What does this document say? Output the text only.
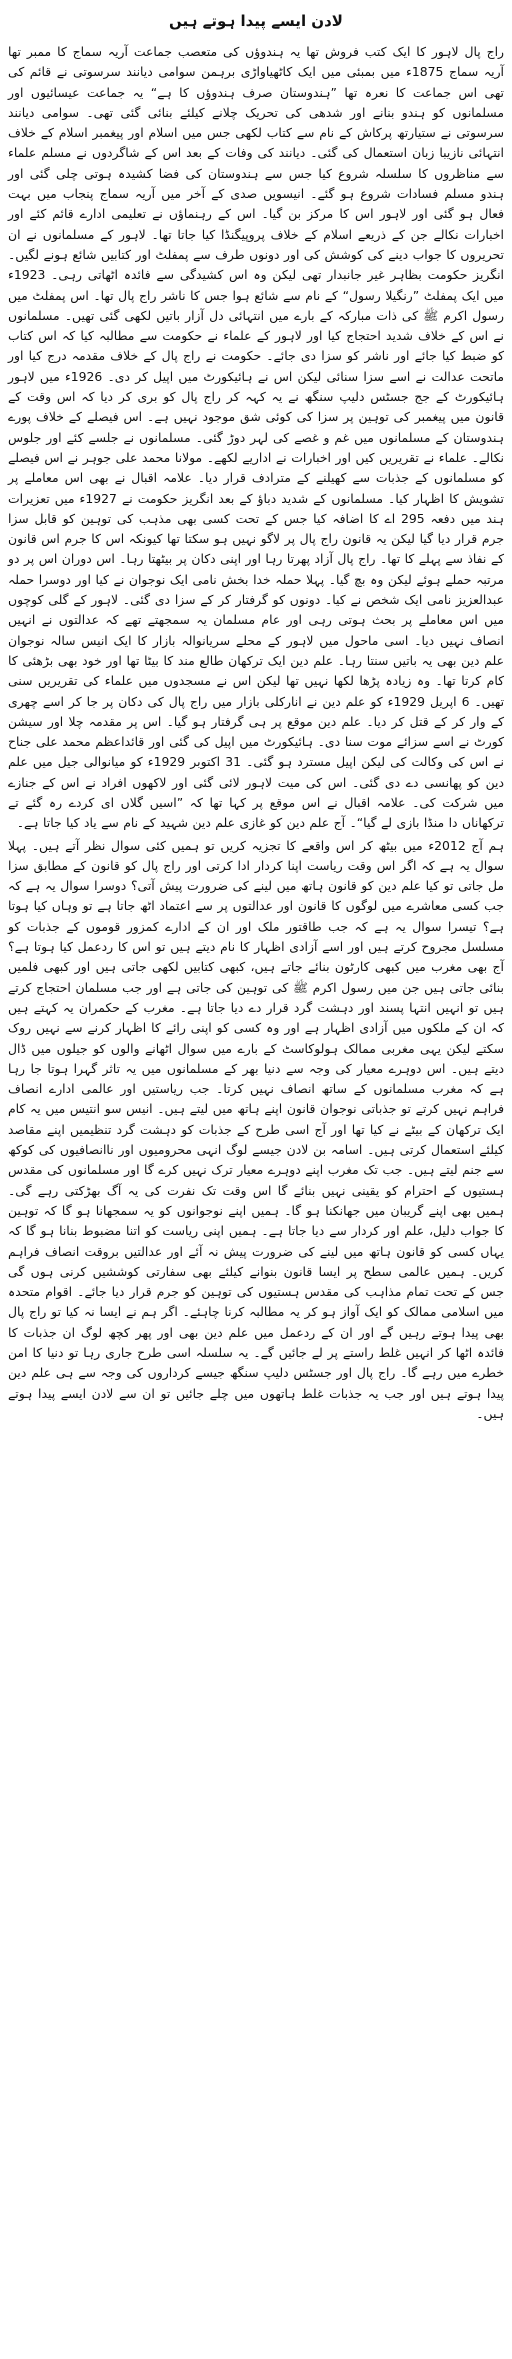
لادن ایسے پیدا ہوتے ہیں

راج پال لاہور کا ایک کتب فروش تھا یہ ہندوؤں کی متعصب جماعت آریہ سماج کا ممبر تھا آریہ سماج 1875ء میں بمبئی میں ایک کاٹھیاواڑی برہمن سوامی دیانند سرسوتی نے قائم کی تھی اس جماعت کا نعرہ تھا ”ہندوستان صرف ہندوؤں کا ہے“ یہ جماعت عیسائیوں اور مسلمانوں کو ہندو بنانے اور شدھی کی تحریک چلانے کیلئے بنائی گئی تھی۔ سوامی دیانند سرسوتی نے ستیارتھ پرکاش کے نام سے کتاب لکھی جس میں اسلام اور پیغمبر اسلام کے خلاف انتہائی نازیبا زبان استعمال کی گئی۔ دیانند کی وفات کے بعد اس کے شاگردوں نے مسلم علماء سے مناظروں کا سلسلہ شروع کیا جس سے ہندوستان کی فضا کشیدہ ہوتی چلی گئی اور ہندو مسلم فسادات شروع ہو گئے۔ انیسویں صدی کے آخر میں آریہ سماج پنجاب میں بہت فعال ہو گئی اور لاہور اس کا مرکز بن گیا۔ اس کے رہنماؤں نے تعلیمی ادارے قائم کئے اور اخبارات نکالے جن کے ذریعے اسلام کے خلاف پروپیگنڈا کیا جاتا تھا۔ لاہور کے مسلمانوں نے ان تحریروں کا جواب دینے کی کوشش کی اور دونوں طرف سے پمفلٹ اور کتابیں شائع ہونے لگیں۔ انگریز حکومت بظاہر غیر جانبدار تھی لیکن وہ اس کشیدگی سے فائدہ اٹھاتی رہی۔ 1923ء میں ایک پمفلٹ ”رنگیلا رسول“ کے نام سے شائع ہوا جس کا ناشر راج پال تھا۔ اس پمفلٹ میں رسول اکرم ﷺ کی ذات مبارکہ کے بارے میں انتہائی دل آزار باتیں لکھی گئی تھیں۔ مسلمانوں نے اس کے خلاف شدید احتجاج کیا اور لاہور کے علماء نے حکومت سے مطالبہ کیا کہ اس کتاب کو ضبط کیا جائے اور ناشر کو سزا دی جائے۔ حکومت نے راج پال کے خلاف مقدمہ درج کیا اور ماتحت عدالت نے اسے سزا سنائی لیکن اس نے ہائیکورٹ میں اپیل کر دی۔ 1926ء میں لاہور ہائیکورٹ کے جج جسٹس دلیپ سنگھ نے یہ کہہ کر راج پال کو بری کر دیا کہ اس وقت کے قانون میں پیغمبر کی توہین پر سزا کی کوئی شق موجود نہیں ہے۔ اس فیصلے کے خلاف پورے ہندوستان کے مسلمانوں میں غم و غصے کی لہر دوڑ گئی۔ مسلمانوں نے جلسے کئے اور جلوس نکالے۔ علماء نے تقریریں کیں اور اخبارات نے اداریے لکھے۔ مولانا محمد علی جوہر نے اس فیصلے کو مسلمانوں کے جذبات سے کھیلنے کے مترادف قرار دیا۔ علامہ اقبال نے بھی اس معاملے پر تشویش کا اظہار کیا۔ مسلمانوں کے شدید دباؤ کے بعد انگریز حکومت نے 1927ء میں تعزیرات ہند میں دفعہ 295 اے کا اضافہ کیا جس کے تحت کسی بھی مذہب کی توہین کو قابل سزا جرم قرار دیا گیا لیکن یہ قانون راج پال پر لاگو نہیں ہو سکتا تھا کیونکہ اس کا جرم اس قانون کے نفاذ سے پہلے کا تھا۔ راج پال آزاد پھرتا رہا اور اپنی دکان پر بیٹھتا رہا۔ اس دوران اس پر دو مرتبہ حملے ہوئے لیکن وہ بچ گیا۔ پہلا حملہ خدا بخش نامی ایک نوجوان نے کیا اور دوسرا حملہ عبدالعزیز نامی ایک شخص نے کیا۔ دونوں کو گرفتار کر کے سزا دی گئی۔ لاہور کے گلی کوچوں میں اس معاملے پر بحث ہوتی رہی اور عام مسلمان یہ سمجھتے تھے کہ عدالتوں نے انہیں انصاف نہیں دیا۔ اسی ماحول میں لاہور کے محلے سریانوالہ بازار کا ایک انیس سالہ نوجوان علم دین بھی یہ باتیں سنتا رہا۔ علم دین ایک ترکھان طالع مند کا بیٹا تھا اور خود بھی بڑھئی کا کام کرتا تھا۔ وہ زیادہ پڑھا لکھا نہیں تھا لیکن اس نے مسجدوں میں علماء کی تقریریں سنی تھیں۔ 6 اپریل 1929ء کو علم دین نے انارکلی بازار میں راج پال کی دکان پر جا کر اسے چھری کے وار کر کے قتل کر دیا۔ علم دین موقع پر ہی گرفتار ہو گیا۔ اس پر مقدمہ چلا اور سیشن کورٹ نے اسے سزائے موت سنا دی۔ ہائیکورٹ میں اپیل کی گئی اور قائداعظم محمد علی جناح نے اس کی وکالت کی لیکن اپیل مسترد ہو گئی۔ 31 اکتوبر 1929ء کو میانوالی جیل میں علم دین کو پھانسی دے دی گئی۔ اس کی میت لاہور لائی گئی اور لاکھوں افراد نے اس کے جنازے میں شرکت کی۔ علامہ اقبال نے اس موقع پر کہا تھا کہ ”اسیں گلاں ای کردے رہ گئے تے ترکھاناں دا منڈا بازی لے گیا“۔ آج علم دین کو غازی علم دین شہید کے نام سے یاد کیا جاتا ہے۔

ہم آج 2012ء میں بیٹھ کر اس واقعے کا تجزیہ کریں تو ہمیں کئی سوال نظر آتے ہیں۔ پہلا سوال یہ ہے کہ اگر اس وقت ریاست اپنا کردار ادا کرتی اور راج پال کو قانون کے مطابق سزا مل جاتی تو کیا علم دین کو قانون ہاتھ میں لینے کی ضرورت پیش آتی؟ دوسرا سوال یہ ہے کہ جب کسی معاشرے میں لوگوں کا قانون اور عدالتوں پر سے اعتماد اٹھ جاتا ہے تو وہاں کیا ہوتا ہے؟ تیسرا سوال یہ ہے کہ جب طاقتور ملک اور ان کے ادارے کمزور قوموں کے جذبات کو مسلسل مجروح کرتے ہیں اور اسے آزادی اظہار کا نام دیتے ہیں تو اس کا ردعمل کیا ہوتا ہے؟ آج بھی مغرب میں کبھی کارٹون بنائے جاتے ہیں، کبھی کتابیں لکھی جاتی ہیں اور کبھی فلمیں بنائی جاتی ہیں جن میں رسول اکرم ﷺ کی توہین کی جاتی ہے اور جب مسلمان احتجاج کرتے ہیں تو انہیں انتہا پسند اور دہشت گرد قرار دے دیا جاتا ہے۔ مغرب کے حکمران یہ کہتے ہیں کہ ان کے ملکوں میں آزادی اظہار ہے اور وہ کسی کو اپنی رائے کا اظہار کرنے سے نہیں روک سکتے لیکن یہی مغربی ممالک ہولوکاسٹ کے بارے میں سوال اٹھانے والوں کو جیلوں میں ڈال دیتے ہیں۔ اس دوہرے معیار کی وجہ سے دنیا بھر کے مسلمانوں میں یہ تاثر گہرا ہوتا جا رہا ہے کہ مغرب مسلمانوں کے ساتھ انصاف نہیں کرتا۔ جب ریاستیں اور عالمی ادارے انصاف فراہم نہیں کرتے تو جذباتی نوجوان قانون اپنے ہاتھ میں لیتے ہیں۔ انیس سو انتیس میں یہ کام ایک ترکھان کے بیٹے نے کیا تھا اور آج اسی طرح کے جذبات کو دہشت گرد تنظیمیں اپنے مقاصد کیلئے استعمال کرتی ہیں۔ اسامہ بن لادن جیسے لوگ انہی محرومیوں اور ناانصافیوں کی کوکھ سے جنم لیتے ہیں۔ جب تک مغرب اپنے دوہرے معیار ترک نہیں کرے گا اور مسلمانوں کی مقدس ہستیوں کے احترام کو یقینی نہیں بنائے گا اس وقت تک نفرت کی یہ آگ بھڑکتی رہے گی۔ ہمیں بھی اپنے گریبان میں جھانکنا ہو گا۔ ہمیں اپنے نوجوانوں کو یہ سمجھانا ہو گا کہ توہین کا جواب دلیل، علم اور کردار سے دیا جاتا ہے۔ ہمیں اپنی ریاست کو اتنا مضبوط بنانا ہو گا کہ یہاں کسی کو قانون ہاتھ میں لینے کی ضرورت پیش نہ آئے اور عدالتیں بروقت انصاف فراہم کریں۔ ہمیں عالمی سطح پر ایسا قانون بنوانے کیلئے بھی سفارتی کوششیں کرنی ہوں گی جس کے تحت تمام مذاہب کی مقدس ہستیوں کی توہین کو جرم قرار دیا جائے۔ اقوام متحدہ میں اسلامی ممالک کو ایک آواز ہو کر یہ مطالبہ کرنا چاہئے۔ اگر ہم نے ایسا نہ کیا تو راج پال بھی پیدا ہوتے رہیں گے اور ان کے ردعمل میں علم دین بھی اور پھر کچھ لوگ ان جذبات کا فائدہ اٹھا کر انہیں غلط راستے پر لے جائیں گے۔ یہ سلسلہ اسی طرح جاری رہا تو دنیا کا امن خطرے میں رہے گا۔ راج پال اور جسٹس دلیپ سنگھ جیسے کرداروں کی وجہ سے ہی علم دین پیدا ہوتے ہیں اور جب یہ جذبات غلط ہاتھوں میں چلے جائیں تو ان سے لادن ایسے پیدا ہوتے ہیں۔
